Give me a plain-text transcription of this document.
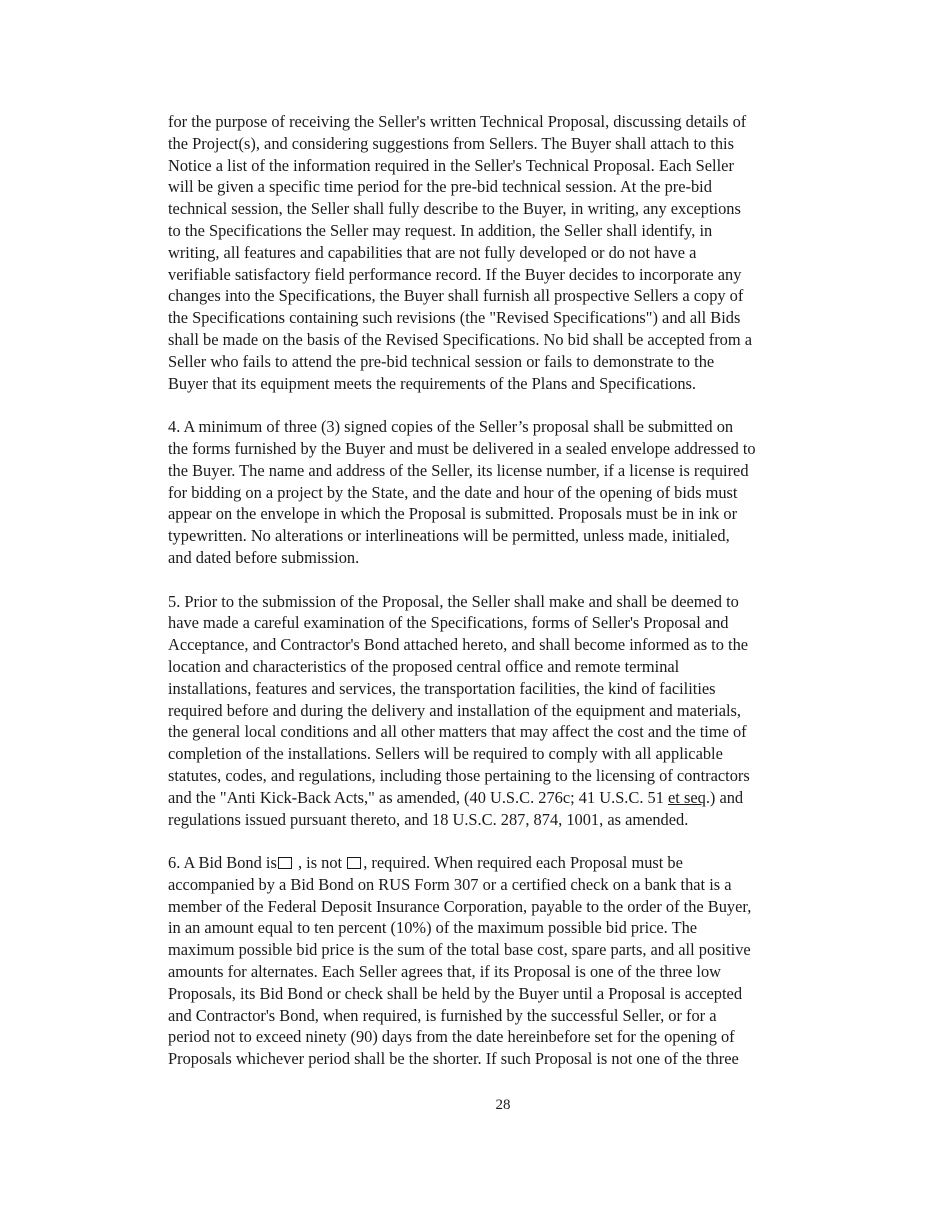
for the purpose of receiving the Seller's written Technical Proposal, discussing details of
the Project(s), and considering suggestions from Sellers. The Buyer shall attach to this
Notice a list of the information required in the Seller's Technical Proposal. Each Seller
will be given a specific time period for the pre-bid technical session. At the pre-bid
technical session, the Seller shall fully describe to the Buyer, in writing, any exceptions
to the Specifications the Seller may request. In addition, the Seller shall identify, in
writing, all features and capabilities that are not fully developed or do not have a
verifiable satisfactory field performance record. If the Buyer decides to incorporate any
changes into the Specifications, the Buyer shall furnish all prospective Sellers a copy of
the Specifications containing such revisions (the "Revised Specifications") and all Bids
shall be made on the basis of the Revised Specifications. No bid shall be accepted from a
Seller who fails to attend the pre-bid technical session or fails to demonstrate to the
Buyer that its equipment meets the requirements of the Plans and Specifications.
4. A minimum of three (3) signed copies of the Seller’s proposal shall be submitted on
the forms furnished by the Buyer and must be delivered in a sealed envelope addressed to
the Buyer. The name and address of the Seller, its license number, if a license is required
for bidding on a project by the State, and the date and hour of the opening of bids must
appear on the envelope in which the Proposal is submitted. Proposals must be in ink or
typewritten. No alterations or interlineations will be permitted, unless made, initialed,
and dated before submission.
5. Prior to the submission of the Proposal, the Seller shall make and shall be deemed to
have made a careful examination of the Specifications, forms of Seller's Proposal and
Acceptance, and Contractor's Bond attached hereto, and shall become informed as to the
location and characteristics of the proposed central office and remote terminal
installations, features and services, the transportation facilities, the kind of facilities
required before and during the delivery and installation of the equipment and materials,
the general local conditions and all other matters that may affect the cost and the time of
completion of the installations. Sellers will be required to comply with all applicable
statutes, codes, and regulations, including those pertaining to the licensing of contractors
and the "Anti Kick-Back Acts," as amended, (40 U.S.C. 276c; 41 U.S.C. 51 et seq.) and
regulations issued pursuant thereto, and 18 U.S.C. 287, 874, 1001, as amended.
6. A Bid Bond is , is not , required. When required each Proposal must be
accompanied by a Bid Bond on RUS Form 307 or a certified check on a bank that is a
member of the Federal Deposit Insurance Corporation, payable to the order of the Buyer,
in an amount equal to ten percent (10%) of the maximum possible bid price. The
maximum possible bid price is the sum of the total base cost, spare parts, and all positive
amounts for alternates. Each Seller agrees that, if its Proposal is one of the three low
Proposals, its Bid Bond or check shall be held by the Buyer until a Proposal is accepted
and Contractor's Bond, when required, is furnished by the successful Seller, or for a
period not to exceed ninety (90) days from the date hereinbefore set for the opening of
Proposals whichever period shall be the shorter. If such Proposal is not one of the three
28
